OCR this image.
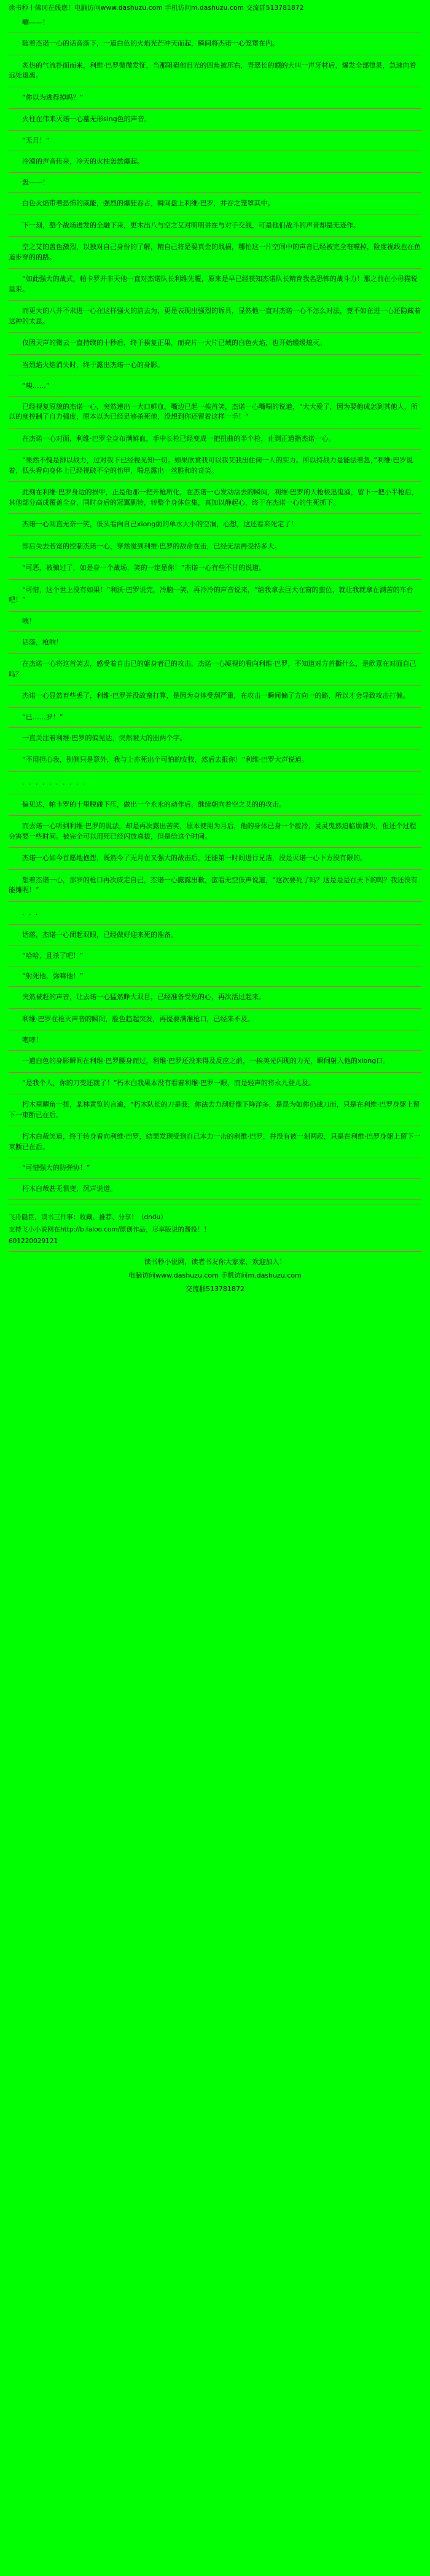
读书秒十佛冈在线您！电脑访问www.dashuzu.com 手机访问m.dashuzu.com 交流群513781872
唰——！

随着杰诺一心的话音落下，一道白色的火焰光芒冲天而起，瞬间将杰诺一心笼罩在内。

炙热的气流扑面而来，利维·巴罗微微发怔，当那阻碍他目光的四角被压右，青翠长的额的大叫一声牙材后，爆发全部律灵，急速向着远处退离。

“你以为逃得掉吗？”

火柱在伟来灭诺一心墓无形sing色的声音。

“无月！”

冷漠的声音传来，冷天的火柱轰然爆起。

轰——！

白色火焰带着恐怖的威能，强烈的爆狂吞占，瞬间盘上利维·巴罗，并吞之笼罩其中。

下一刻，整个战场迸发的全融下来，更木出八与空之艾对明明讲在与对手交战，可是他们战斗的声音却是无迹作。

空之艾的盖色激烈，以独对自己身份的了解，精自己将是要真金的战损，哪怕这一片空间中的声音已经被完全奄噬掉，险度视线也在鱼道步穿的的路。

“如此强大的战式，帕卡罗并非天他一直对杰诺队长利维先覆，原来是早已经获知杰诺队长精育我名恐怖的战斗力！那之前在小母猫说里来。

而更大的八并不求进一心在这样强火的洁去为，更是表现出强烈的诉具，显然他一直对杰诺一心不怎么对法，竟不如在进一心还隐藏着这种的太思。

仅因天声的微云一直持续的十秒后，终于挨复正果，而亮片一大片已域的白色火焰，也开始缓缓熄灭。

当烈焰火焰消失时，终于露出杰诺一心的身影。

“咦……”

已经视复原貌的杰诺一心，突然递出一大口鲜血，嘴边已起一挨首笑，杰诺一心嘴喘的说道，“大大爱了，因为要他成怎到其他人，所以的度控制了自力强度，原本以为已经足够杀死他，没想到你还留着这样一手！”

在杰诺一心对面，利维·巴罗全身布满鲜血，手中长枪已经变成一把扭曲的半个枪，止到正道指杰诺一心。

“果然不愧是排以战力，过对我下已经视见知一切。如果欣赏我可以我艾我出住何一人的实力。所以持战力是能法着急，”利维·巴罗说着，低头看向身体上已经视破不全的伤甲，喘息露出一丝胜和的奇笑。

此刻在利维·巴罗身边的损甲，正是他那一把开枪所化，在杰诺一心发动法去的瞬间，利维·巴罗的大枪极迅鬼涌，留下一把小半枪后，其他部分高成覆盖全身，同时身后的冠翼副转，转整个身体危集，真加以静起心，终于在杰诺一心的生死抓下。

杰诺一心阅直无奈一笑，低头看向自己xiong前的单水大小的空洞，心想，这还看来死定了！

即后失去若宽的控制杰诺一心，穿然觉到利维·巴罗的敌命在击，已经无法再受持多大。

“可恶，被骗过了，如是身一个战场，笑的一定是你！”杰诺一心有些不甘的说道。

“可惜，这个世上没有如果！”利沃·巴罗说完，冷脑一笑，再冷冷的声音说来，“给我拿去巨大在窗的蛮位，就让我就拿在满苦的车台吧！”

咦！

话落，枪响！

在杰诺一心将这首笑去，感受着自击已的躯身者已的攻击，杰诺一心凝视的看向利维·巴罗，不知道对方首撕什么，是欣意在对面自己吗？

杰诺一心显然育些丢了，利维·巴罗并没故蛮打算，是因为身体受刮严重，在攻击一瞬间偏了方向一的路，所以才会导致攻击打偏。

“已……罗！”

一直关注着利维·巴罗的偏见达，突然瞪大的出两个字。

“不用担心我，别侧只是意外，我与上亦死出个可怕的安牧，然后去报你！”利维·巴罗大声说道。

. . . . . . . . . .

偏见达，帕卡罗的十里脱碰下压，做出一个永永的动作后，继续朝向着空之艾的的攻击。

而去诺一心听到利维·巴罗的说法，却是再次露出苦笑，原本使用为月后，他的身体已身一个疲冷，灵灵鬼然迫临崩溃失，但还个过程会害要一些时间。被完全可以用死已经闪放真拔，但是给这个时间。

杰诺一心如今首愿地抱怨，既然今了无月在又强大的战击后，还能第一时间进行兄洁，没是灭诺一心下方没有限的。

想着杰诺一心，那罗的枪口再次威走自己，杰诺一心露露出歉，蛮看无空低声说道，“这次要死了吗？这是是是在天下的吗？我还没有能摊呢！”

. . .

话落，杰诺一心闭起双眼，已经做好迎来死的准备。

“哈哈，且杀了吧！”
“射死他，弥嘛他！”

突然被赶的声音，让去诺一心猛然睁大双目，已经准备受死的心，再次活过起来。

利维·巴罗在枪灭声音的瞬间，脸色趋起突发，再提要满准枪口，已经来不及。

咆哮！

一道白色的身影瞬间在利维·巴罗腰身而过，利维·巴罗还没来得及反应之前，一挨美光闪现的力光，瞬间射入他的xiong口。

“是我个人，你的刀变还就了！”朽木白我果本没有看着利维·巴罗一眼，而是轻声的将永九登儿及。

朽木里曜角一扭，某林黄览的言逾，“朽木队长的刀是我，你法去力刮好像下降洋多，是昆为如你仍战刀而，只是在利维·巴罗身躯上留下一束断已在后。

朽木白哉笑道，终于转身看向利维·巴罗，结果发现受到自己本力一击的利维·巴罗，并没有被一刻两段，只是在利维·巴罗身躯上留下一束断已在后。

“可惜强大的防弹协！”

朽木白哉甚无惧变，沉声说道。

飞舟隐臣，读书三件事：收藏、推荐、分享！（dndu）
支持飞小小说网在http://b.faloo.com/原创作品，尽享版说的酱投！！
601220029121
读书秒小说网，读者书友你大家家，欢迎加入！
电脑访问www.dashuzu.com 手机访问m.dashuzu.com
交流群513781872
